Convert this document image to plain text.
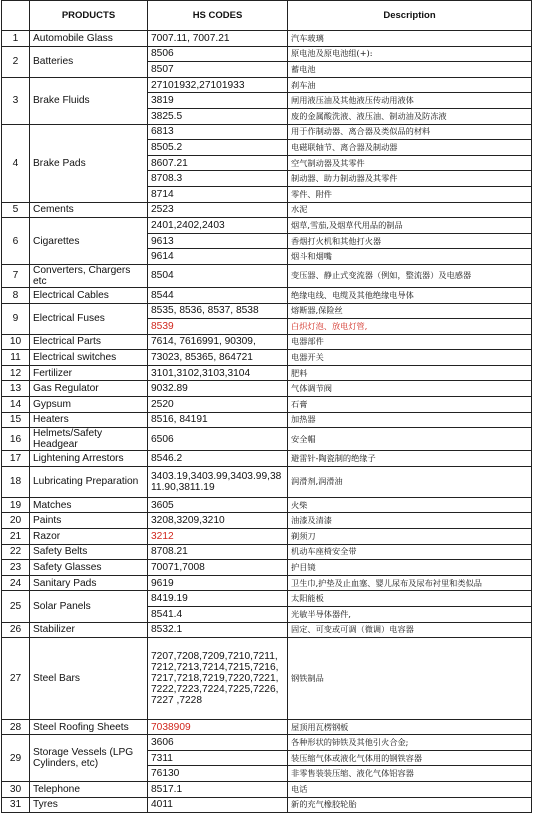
	PRODUCTS	HS CODES	Description
1	Automobile Glass	7007.11, 7007.21	汽车玻璃
2	Batteries	8506	原电池及原电池组(+):
		8507	蓄电池
3	Brake Fluids	27101932,27101933	刹车油
		3819	闸用液压油及其他液压传动用液体
		3825.5	废的金属酸洗液、液压油、制动油及防冻液
4	Brake Pads	6813	用于作制动器、离合器及类似品的材料
		8505.2	电磁联轴节、离合器及制动器
		8607.21	空气制动器及其零件
		8708.3	制动器、助力制动器及其零件
		8714	零件、附件
5	Cements	2523	水泥
6	Cigarettes	2401,2402,2403	烟草,雪茄,及烟草代用品的制品
		9613	香烟打火机和其他打火器
		9614	烟斗和烟嘴
7	Converters, Chargers etc	8504	变压器、静止式变流器（例如，整流器）及电感器
8	Electrical Cables	8544	绝缘电线、电缆及其他绝缘电导体
9	Electrical Fuses	8535, 8536, 8537, 8538	熔断器,保险丝
		8539	白炽灯泡、放电灯管,
10	Electrical Parts	7614, 7616991, 90309,	电器部件
11	Electrical switches	73023, 85365, 864721	电器开关
12	Fertilizer	3101,3102,3103,3104	肥料
13	Gas Regulator	9032.89	气体调节阀
14	Gypsum	2520	石膏
15	Heaters	8516, 84191	加热器
16	Helmets/Safety Headgear	6506	安全帽
17	Lightening Arrestors	8546.2	避雷针-陶瓷制的绝缘子
18	Lubricating Preparation	3403.19,3403.99,3403.99,38 11.90,3811.19	润滑剂,润滑油
19	Matches	3605	火柴
20	Paints	3208,3209,3210	油漆及清漆
21	Razor	3212	剃须刀
22	Safety Belts	8708.21	机动车座椅安全带
23	Safety Glasses	70071,7008	护目镜
24	Sanitary Pads	9619	卫生巾,护垫及止血塞、婴儿尿布及尿布衬里和类似品
25	Solar Panels	8419.19	太阳能板
		8541.4	光敏半导体器件,
26	Stabilizer	8532.1	固定、可变或可调（微调）电容器
27	Steel Bars	7207,7208,7209,7210,7211, 7212,7213,7214,7215,7216, 7217,7218,7219,7220,7221, 7222,7223,7224,7225,7226, 7227 ,7228	钢铁制品
28	Steel Roofing Sheets	7038909	屋顶用瓦楞钢板
29	Storage Vessels (LPG Cylinders, etc)	3606	各种形状的铈铁及其他引火合金;
		7311	装压缩气体或液化气体用的钢铁容器
		76130	非零售装装压缩、液化气体铝容器
30	Telephone	8517.1	电话
31	Tyres	4011	新的充气橡胶轮胎
